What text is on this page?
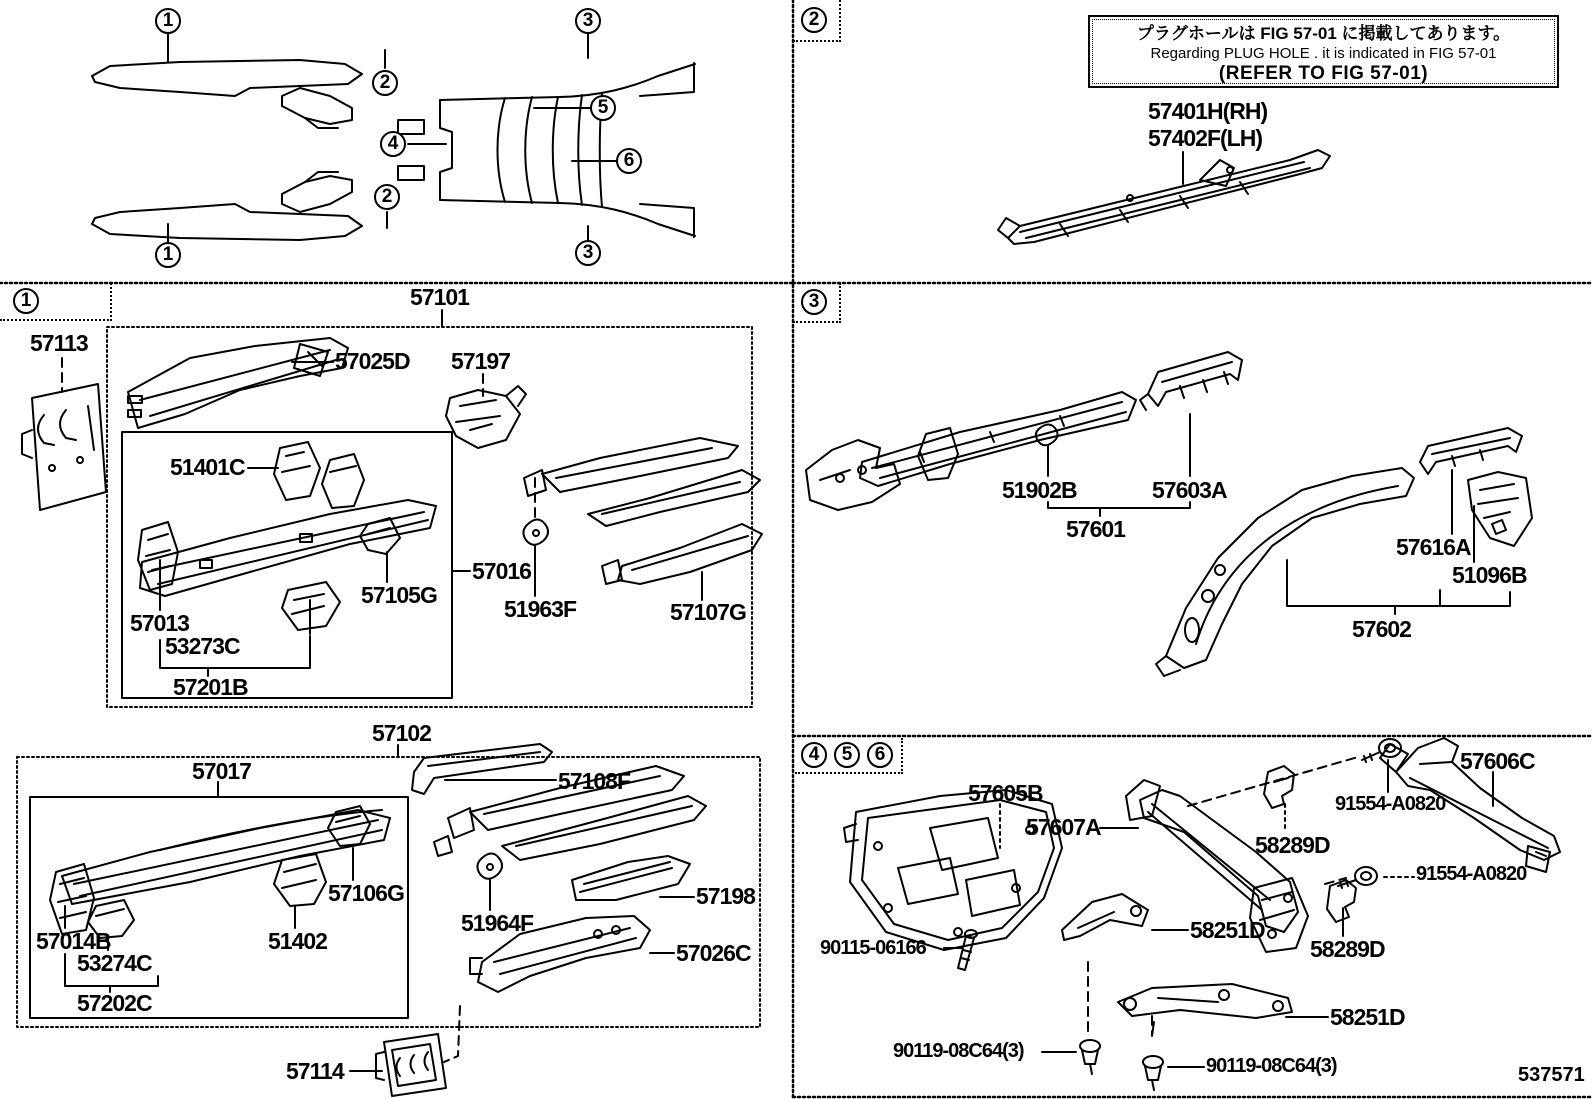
プラグホールは FIG 57-01 に掲載してあります。
Regarding PLUG HOLE . it is indicated in FIG 57-01
(REFER TO FIG 57-01)
1
2
3
4	5	6
1
1
2
2
3
3
4
5
6
57101
57113
57025D 57197
51401C
57016
57105G
57013
53273C
57201B
51963F	57107G
57102
57017	57108F
57106G
51402
57014B
53274C
57202C
51964F
57198
57026C
57114
57401H(RH)
57402F(LH)
51902B	57603A
57601
57616A
51096B
57602
57605B
57607A
57606C
91554-A0820
91554-A0820
58289D
58289D
58251D
58251D
90115-06166
90119-08C64(3)
90119-08C64(3)	537571
